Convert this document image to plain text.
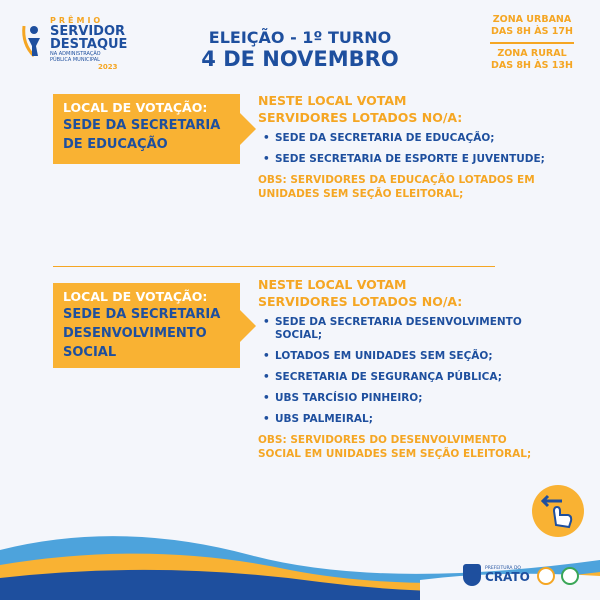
PRÊMIO
SERVIDOR
DESTAQUE
NA ADMINISTRAÇÃO
PÚBLICA MUNICIPAL
2023
ELEIÇÃO - 1º TURNO
4 DE NOVEMBRO
ZONA URBANA
DAS 8H ÀS 17H
ZONA RURAL
DAS 8H ÀS 13H
LOCAL DE VOTAÇÃO:
SEDE DA SECRETARIA
DE EDUCAÇÃO
NESTE LOCAL VOTAM
SERVIDORES LOTADOS NO/A:
• SEDE DA SECRETARIA DE EDUCAÇÃO;
• SEDE SECRETARIA DE ESPORTE E JUVENTUDE;
OBS: SERVIDORES DA EDUCAÇÃO LOTADOS EM UNIDADES SEM SEÇÃO ELEITORAL;
LOCAL DE VOTAÇÃO:
SEDE DA SECRETARIA
DESENVOLVIMENTO
SOCIAL
NESTE LOCAL VOTAM
SERVIDORES LOTADOS NO/A:
• SEDE DA SECRETARIA DESENVOLVIMENTO SOCIAL;
• LOTADOS EM UNIDADES SEM SEÇÃO;
• SECRETARIA DE SEGURANÇA PÚBLICA;
• UBS TARCÍSIO PINHEIRO;
• UBS PALMEIRAL;
OBS: SERVIDORES DO DESENVOLVIMENTO SOCIAL EM UNIDADES SEM SEÇÃO ELEITORAL;
PREFEITURA DO
CRATO
